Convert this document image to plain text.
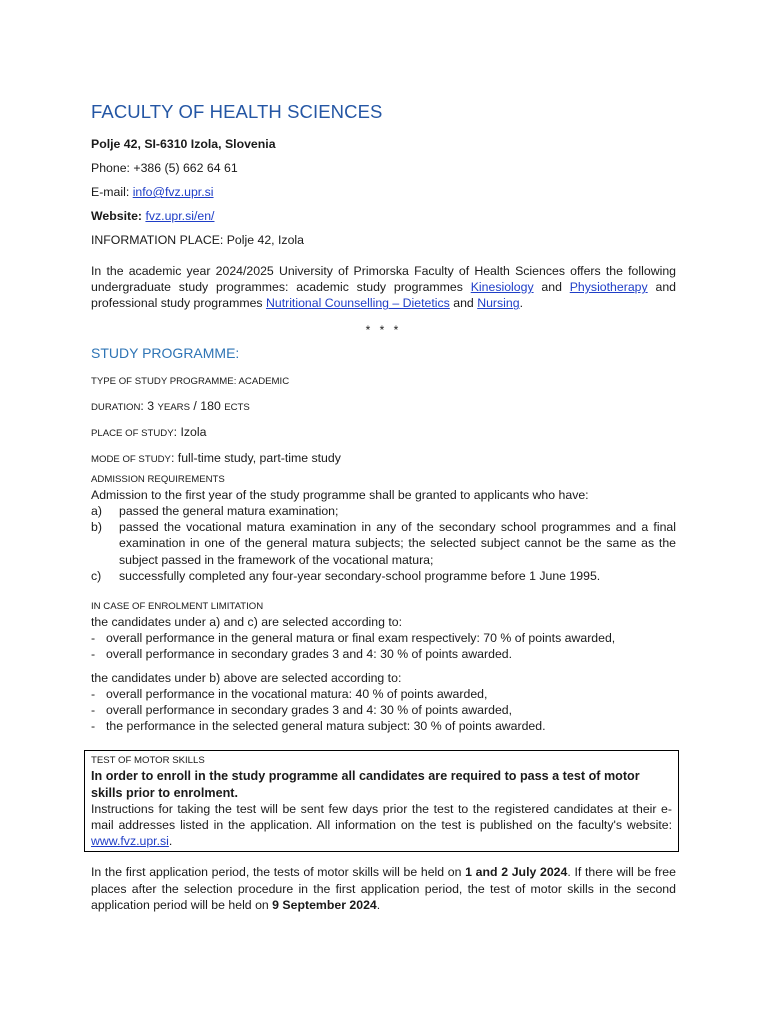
FACULTY OF HEALTH SCIENCES
Polje 42, SI-6310 Izola, Slovenia
Phone: +386 (5) 662 64 61
E-mail: info@fvz.upr.si
Website: fvz.upr.si/en/
INFORMATION PLACE: Polje 42, Izola
In the academic year 2024/2025 University of Primorska Faculty of Health Sciences offers the following undergraduate study programmes: academic study programmes Kinesiology and Physiotherapy and professional study programmes Nutritional Counselling – Dietetics and Nursing.
* * *
STUDY PROGRAMME:
TYPE OF STUDY PROGRAMME: ACADEMIC
DURATION: 3 YEARS / 180 ECTS
PLACE OF STUDY: Izola
MODE OF STUDY: full-time study, part-time study
ADMISSION REQUIREMENTS
Admission to the first year of the study programme shall be granted to applicants who have:
a)	passed the general matura examination;
b)	passed the vocational matura examination in any of the secondary school programmes and a final examination in one of the general matura subjects; the selected subject cannot be the same as the subject passed in the framework of the vocational matura;
c)	successfully completed any four-year secondary-school programme before 1 June 1995.
IN CASE OF ENROLMENT LIMITATION
the candidates under a) and c) are selected according to:
- overall performance in the general matura or final exam respectively: 70 % of points awarded,
- overall performance in secondary grades 3 and 4: 30 % of points awarded.
the candidates under b) above are selected according to:
- overall performance in the vocational matura: 40 % of points awarded,
- overall performance in secondary grades 3 and 4: 30 % of points awarded,
- the performance in the selected general matura subject: 30 % of points awarded.
TEST OF MOTOR SKILLS
In order to enroll in the study programme all candidates are required to pass a test of motor skills prior to enrolment.
Instructions for taking the test will be sent few days prior the test to the registered candidates at their e-mail addresses listed in the application. All information on the test is published on the faculty's website: www.fvz.upr.si.
In the first application period, the tests of motor skills will be held on 1 and 2 July 2024. If there will be free places after the selection procedure in the first application period, the test of motor skills in the second application period will be held on 9 September 2024.
